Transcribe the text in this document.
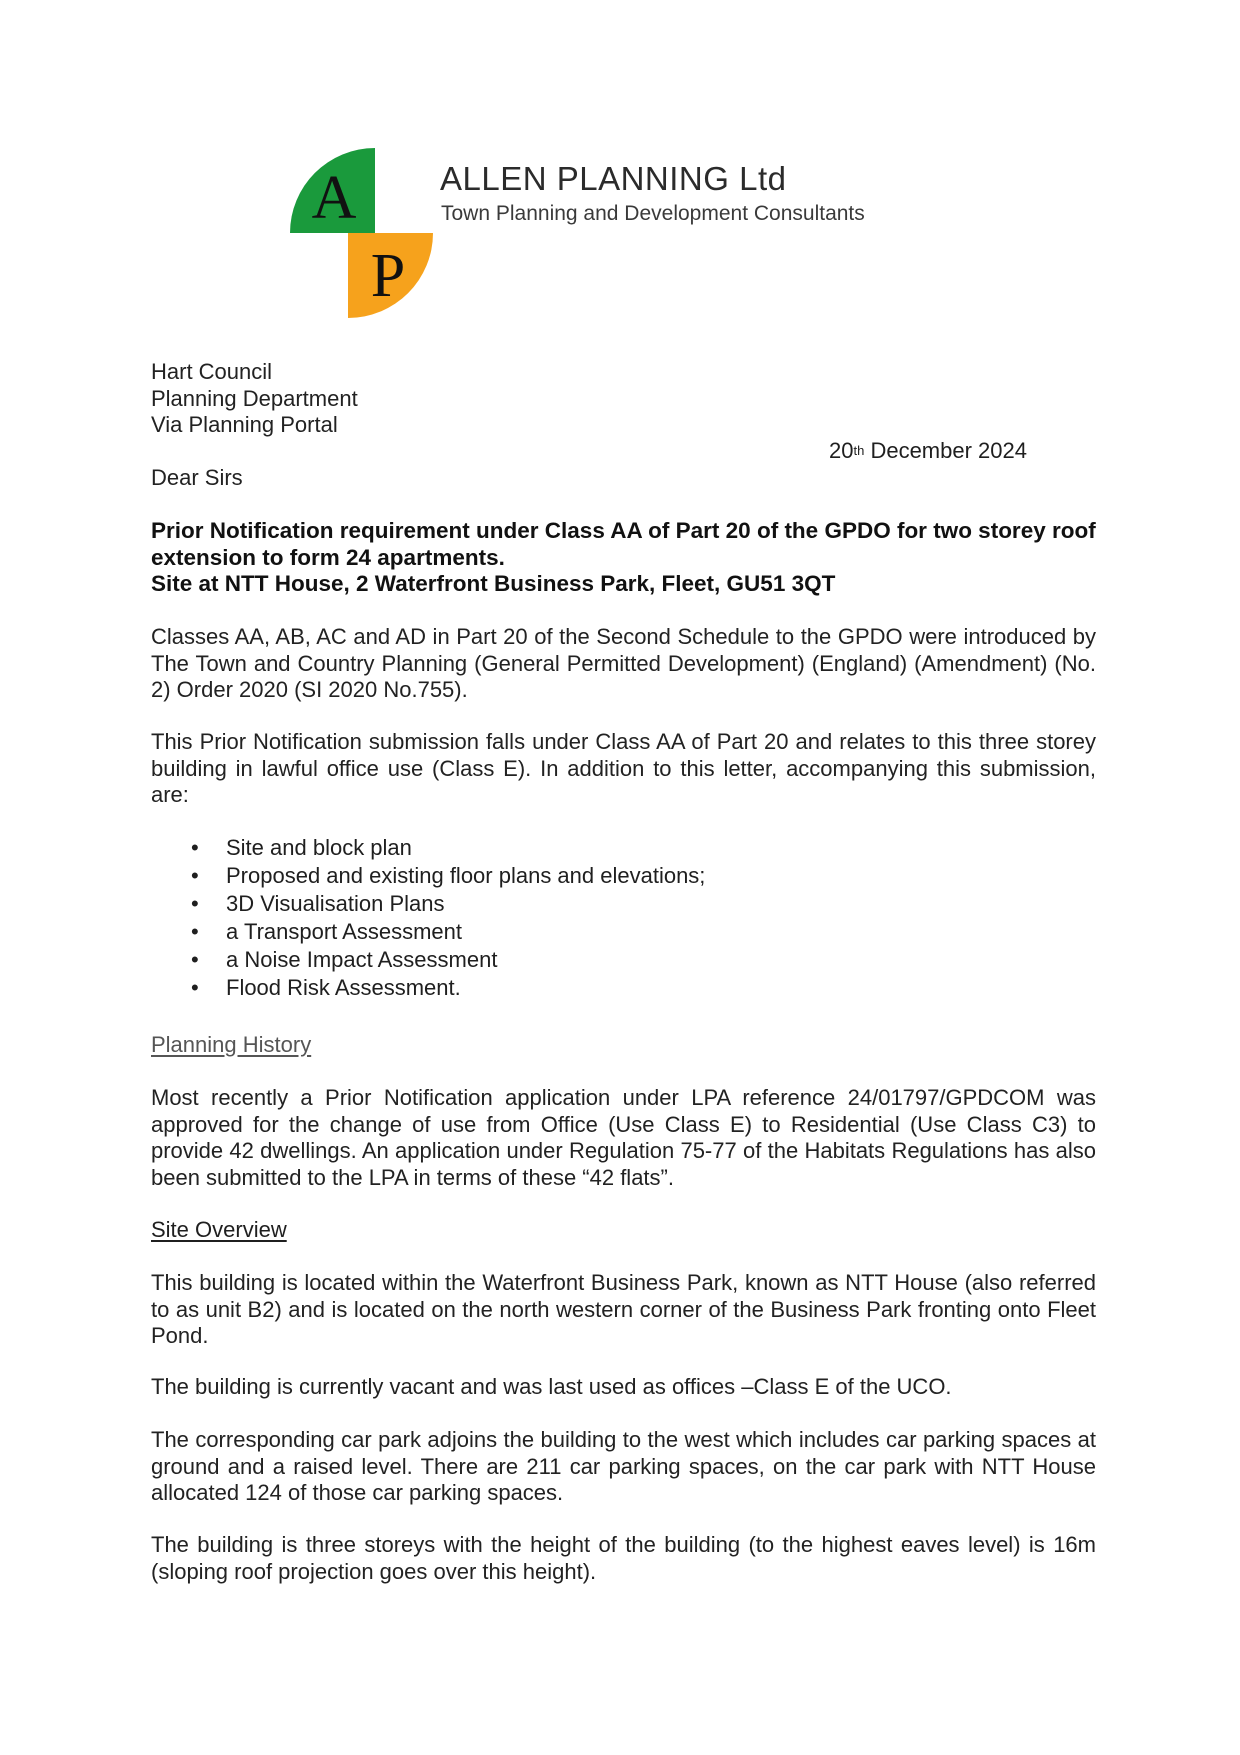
A
P
ALLEN PLANNING Ltd
Town Planning and Development Consultants
Hart Council
Planning Department
Via Planning Portal
20th December 2024
Dear Sirs
Prior Notification requirement under Class AA of Part 20 of the GPDO for two storey roof extension to form 24 apartments.
Site at NTT House, 2 Waterfront Business Park, Fleet, GU51 3QT
Classes AA, AB, AC and AD in Part 20 of the Second Schedule to the GPDO were introduced by The Town and Country Planning (General Permitted Development) (England) (Amendment) (No. 2) Order 2020 (SI 2020 No.755).
This Prior Notification submission falls under Class AA of Part 20 and relates to this three storey building in lawful office use (Class E). In addition to this letter, accompanying this submission, are:
• Site and block plan
• Proposed and existing floor plans and elevations;
• 3D Visualisation Plans
• a Transport Assessment
• a Noise Impact Assessment
• Flood Risk Assessment.
Planning History
Most recently a Prior Notification application under LPA reference 24/01797/GPDCOM was approved for the change of use from Office (Use Class E) to Residential (Use Class C3) to provide 42 dwellings. An application under Regulation 75-77 of the Habitats Regulations has also been submitted to the LPA in terms of these “42 flats”.
Site Overview
This building is located within the Waterfront Business Park, known as NTT House (also referred to as unit B2) and is located on the north western corner of the Business Park fronting onto Fleet Pond.
The building is currently vacant and was last used as offices –Class E of the UCO.
The corresponding car park adjoins the building to the west which includes car parking spaces at ground and a raised level. There are 211 car parking spaces, on the car park with NTT House allocated 124 of those car parking spaces.
The building is three storeys with the height of the building (to the highest eaves level) is 16m (sloping roof projection goes over this height).
